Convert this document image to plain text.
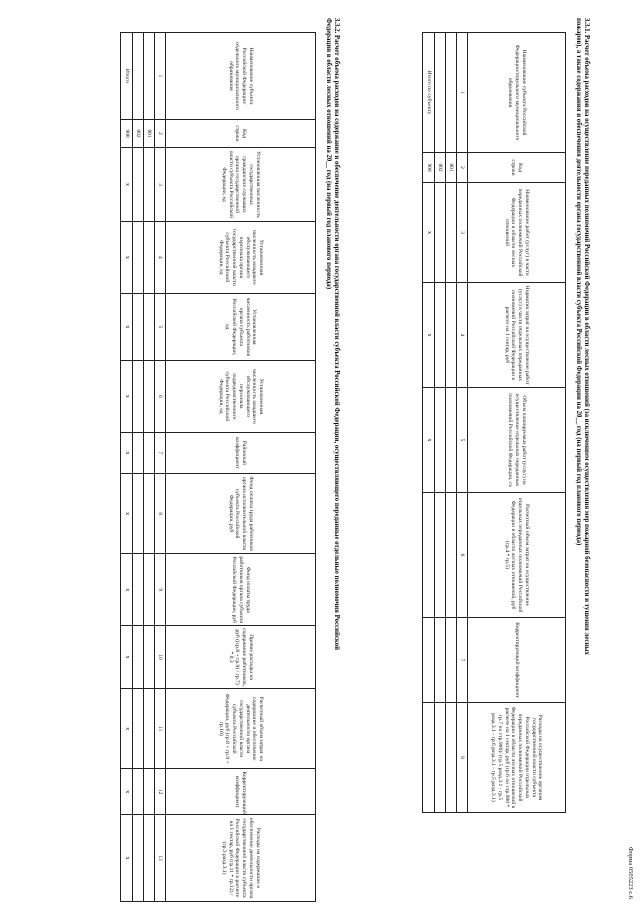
Форма 0505223 с.6
3.3.1. Расчет объема расходов на осуществление переданных полномочий Российской Федерации в области лесных отношений (за исключением осуществления мер пожарной безопасности и тушения лесных
пожаров), а также содержания и обеспечения деятельности органа государственной власти субъекта Российской Федерации на 20__ год (на первый год планового периода)
Наименование субъекта Российской Федерации/отдельного муниципального образования	Код строки	Наименование работ (услуг) в части переданных полномочий Российской Федерации в области лесных отношений	Норматив затрат на осуществление работ (услуг) в части отдельных переданных полномочий Российской Федерации в расчете на 1 гектар, руб	Объем планируемых работ (услуг) на осуществление отдельных переданных полномочий Российской Федерации, га	Расчетный объем затрат на осуществление отдельных переданных полномочий Российской Федерации в области лесных отношений, руб (гр.4 * гр.5)	Корректирующий коэффициент	Расходы на осуществление органом государственной власти субъекта Российской Федерации отдельных переданных полномочий Российской Федерации в области лесных отношений в расчете на 1 гектар, руб (гр.6 по стр.900 * гр.7 по стр.900)/ (гр.5 разд.3.1 - гр.5 разд.3.1 - гр.6 разд.3.1 - гр.5 разд.3.1)
1	2	3	4	5	6	7	8
	001						
	002						
Итого по субъекту	900	х	х	х			
3.3.2. Расчет объема расходов на содержание и обеспечение деятельности органа государственной власти субъекта Российской Федерации, осуществляющего переданные отдельные полномочия Российской
Федерации в области лесных отношений на 20__ год (на первый год планового периода)
Наименование субъекта Российской Федерации/отдельного муниципального образования	Код строки	Установленная численность государственных гражданских служащих органа государственной власти субъекта Российской Федерации, ед	Установленная численность младшего обслуживающего персонала органа государственной власти субъекта Российской Федерации, ед	Установленная численность работников органа субъекта Российской Федерации, ед	Установленная численность младшего обслуживающего персонала подведомственного субъекта Российской Федерации, ед	Районный коэффициент	Фонд оплаты труда работников органа исполнительной власти субъекта Российской Федерации, руб	Фонд оплаты труда работников органа субъекта Российской Федерации, руб	Прочие расходы на содержание работников, руб ((гр.8 + гр.9) / гр.7) * 0,3	Расчетный объем затрат на содержание и обеспечение деятельности органа государственной власти субъекта Российской Федерации, руб (гр.8 + гр.9 + гр.10)	Корректирующий коэффициент	Расходы на содержание и обеспечение деятельности органа государственной власти субъекта Российской Федерации в расчете на 1 гектар, руб (гр.11 * гр.12) / (гр.3 разд.3.1)
1	2	3	4	5	6	7	8	9	10	11	12	13
	001											
	002											
Итого	900	х	х	х	х	х	х	х	х	х	х	х
